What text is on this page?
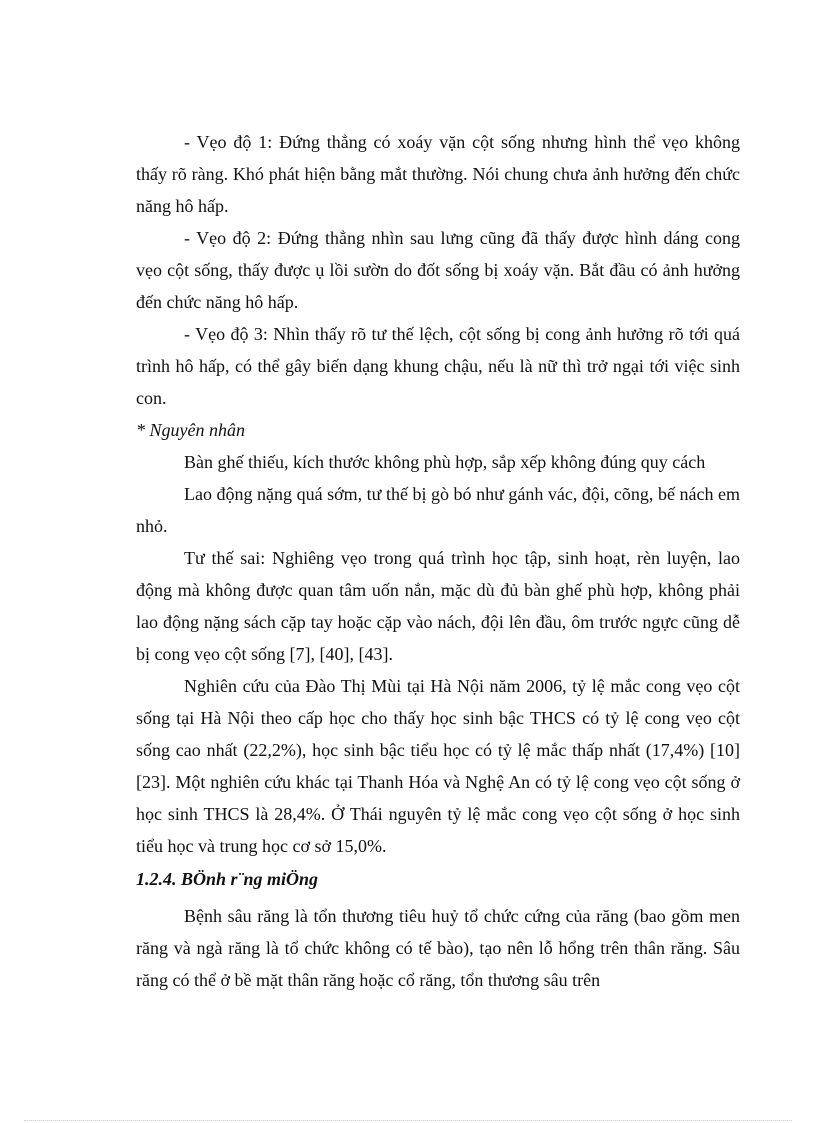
- Vẹo độ 1: Đứng thẳng có xoáy vặn cột sống nhưng hình thể vẹo không thấy rõ ràng. Khó phát hiện bằng mắt thường. Nói chung chưa ảnh hưởng đến chức năng hô hấp.

- Vẹo độ 2: Đứng thẳng nhìn sau lưng cũng đã thấy được hình dáng cong vẹo cột sống, thấy được ụ lồi sườn do đốt sống bị xoáy vặn. Bắt đầu có ảnh hưởng đến chức năng hô hấp.

- Vẹo độ 3: Nhìn thấy rõ tư thế lệch, cột sống bị cong ảnh hưởng rõ tới quá trình hô hấp, có thể gây biến dạng khung chậu, nếu là nữ thì trở ngại tới việc sinh con.

* Nguyên nhân

Bàn ghế thiếu, kích thước không phù hợp, sắp xếp không đúng quy cách

Lao động nặng quá sớm, tư thế bị gò bó như gánh vác, đội, cõng, bế nách em nhỏ.

Tư thế sai: Nghiêng vẹo trong quá trình học tập, sinh hoạt, rèn luyện, lao động mà không được quan tâm uốn nắn, mặc dù đủ bàn ghế phù hợp, không phải lao động nặng sách cặp tay hoặc cặp vào nách, đội lên đầu, ôm trước ngực cũng dễ bị cong vẹo cột sống [7], [40], [43].

Nghiên cứu của Đào Thị Mùi tại Hà Nội năm 2006, tỷ lệ mắc cong vẹo cột sống tại Hà Nội theo cấp học cho thấy học sinh bậc THCS có tỷ lệ cong vẹo cột sống cao nhất (22,2%), học sinh bậc tiểu học có tỷ lệ mắc thấp nhất (17,4%) [10][23]. Một nghiên cứu khác tại Thanh Hóa và Nghệ An có tỷ lệ cong vẹo cột sống ở học sinh THCS là 28,4%. Ở Thái nguyên tỷ lệ mắc cong vẹo cột sống ở học sinh tiểu học và trung học cơ sở 15,0%.

1.2.4. BÖnh r¨ng miÖng

Bệnh sâu răng là tổn thương tiêu huỷ tổ chức cứng của răng (bao gồm men răng và ngà răng là tổ chức không có tế bào), tạo nên lỗ hổng trên thân răng. Sâu răng có thể ở bề mặt thân răng hoặc cổ răng, tổn thương sâu trên
